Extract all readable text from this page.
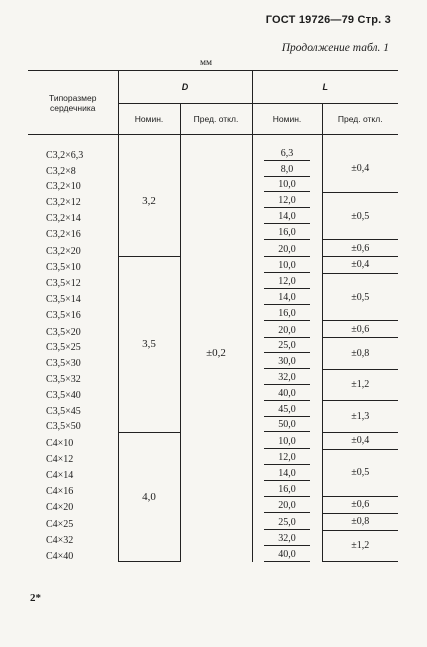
ГОСТ 19726—79 Стр. 3
Продолжение табл. 1
мм
Типоразмер сердечника	D		L	
	Номин.	Пред. откл.	Номин.	Пред. откл.

С3,2×6,3	3,2	±0,2	6,3	±0,4
С3,2×8			8,0	
С3,2×10			10,0	
С3,2×12			12,0	±0,5
С3,2×14			14,0	
С3,2×16			16,0	
С3,2×20			20,0	±0,6
С3,5×10	3,5		10,0	±0,4
С3,5×12			12,0	±0,5
С3,5×14			14,0	
С3,5×16			16,0	
С3,5×20			20,0	±0,6
С3,5×25			25,0	±0,8
С3,5×30			30,0	
С3,5×32			32,0	±1,2
С3,5×40			40,0	
С3,5×45			45,0	±1,3
С3,5×50			50,0	
С4×10	4,0		10,0	±0,4
С4×12			12,0	±0,5
С4×14			14,0	
С4×16			16,0	
С4×20			20,0	±0,6
С4×25			25,0	±0,8
С4×32			32,0	±1,2
С4×40			40,0	
2*
